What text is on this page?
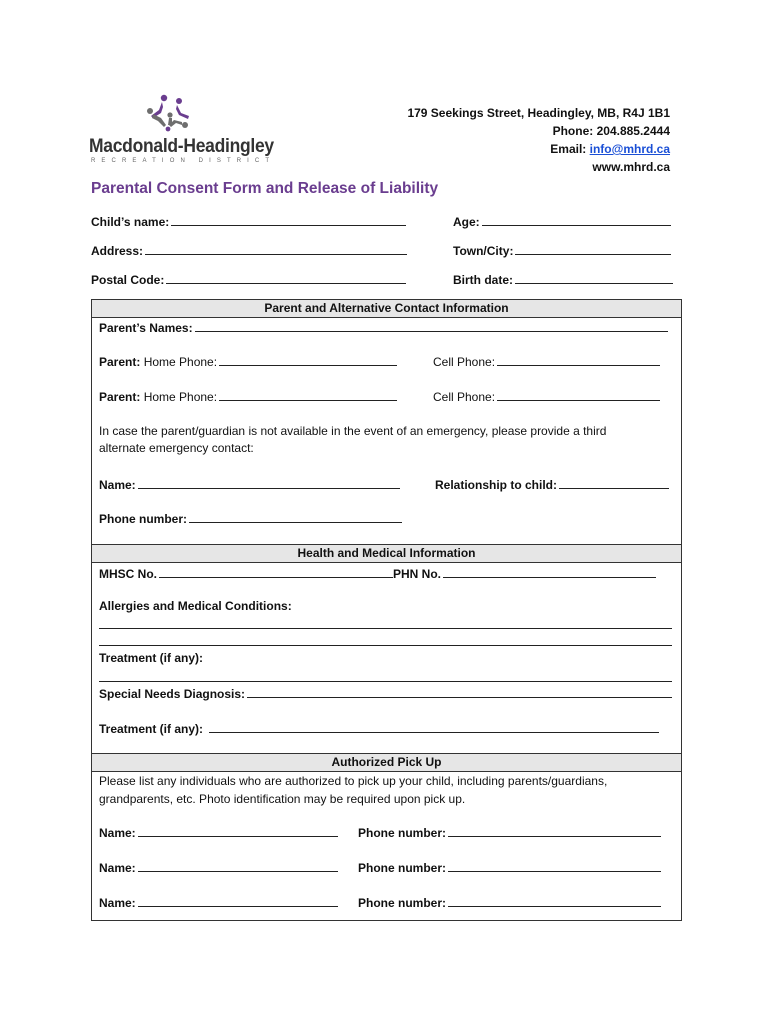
Macdonald-Headingley
RECREATION DISTRICT
179 Seekings Street, Headingley, MB, R4J 1B1
Phone: 204.885.2444
Email: info@mhrd.ca
www.mhrd.ca
Parental Consent Form and Release of Liability
Child’s name:	Age:
Address:	Town/City:
Postal Code:	Birth date:
Parent and Alternative Contact Information
Parent’s Names:
Parent: Home Phone:	Cell Phone:
Parent: Home Phone:	Cell Phone:
In case the parent/guardian is not available in the event of an emergency, please provide a third
alternate emergency contact:
Name:	Relationship to child:
Phone number:
Health and Medical Information
MHSC No.	PHN No.
Allergies and Medical Conditions:
Treatment (if any):
Special Needs Diagnosis:
Treatment (if any):
Authorized Pick Up
Please list any individuals who are authorized to pick up your child, including parents/guardians,
grandparents, etc. Photo identification may be required upon pick up.
Name:	Phone number:
Name:	Phone number:
Name:	Phone number:
